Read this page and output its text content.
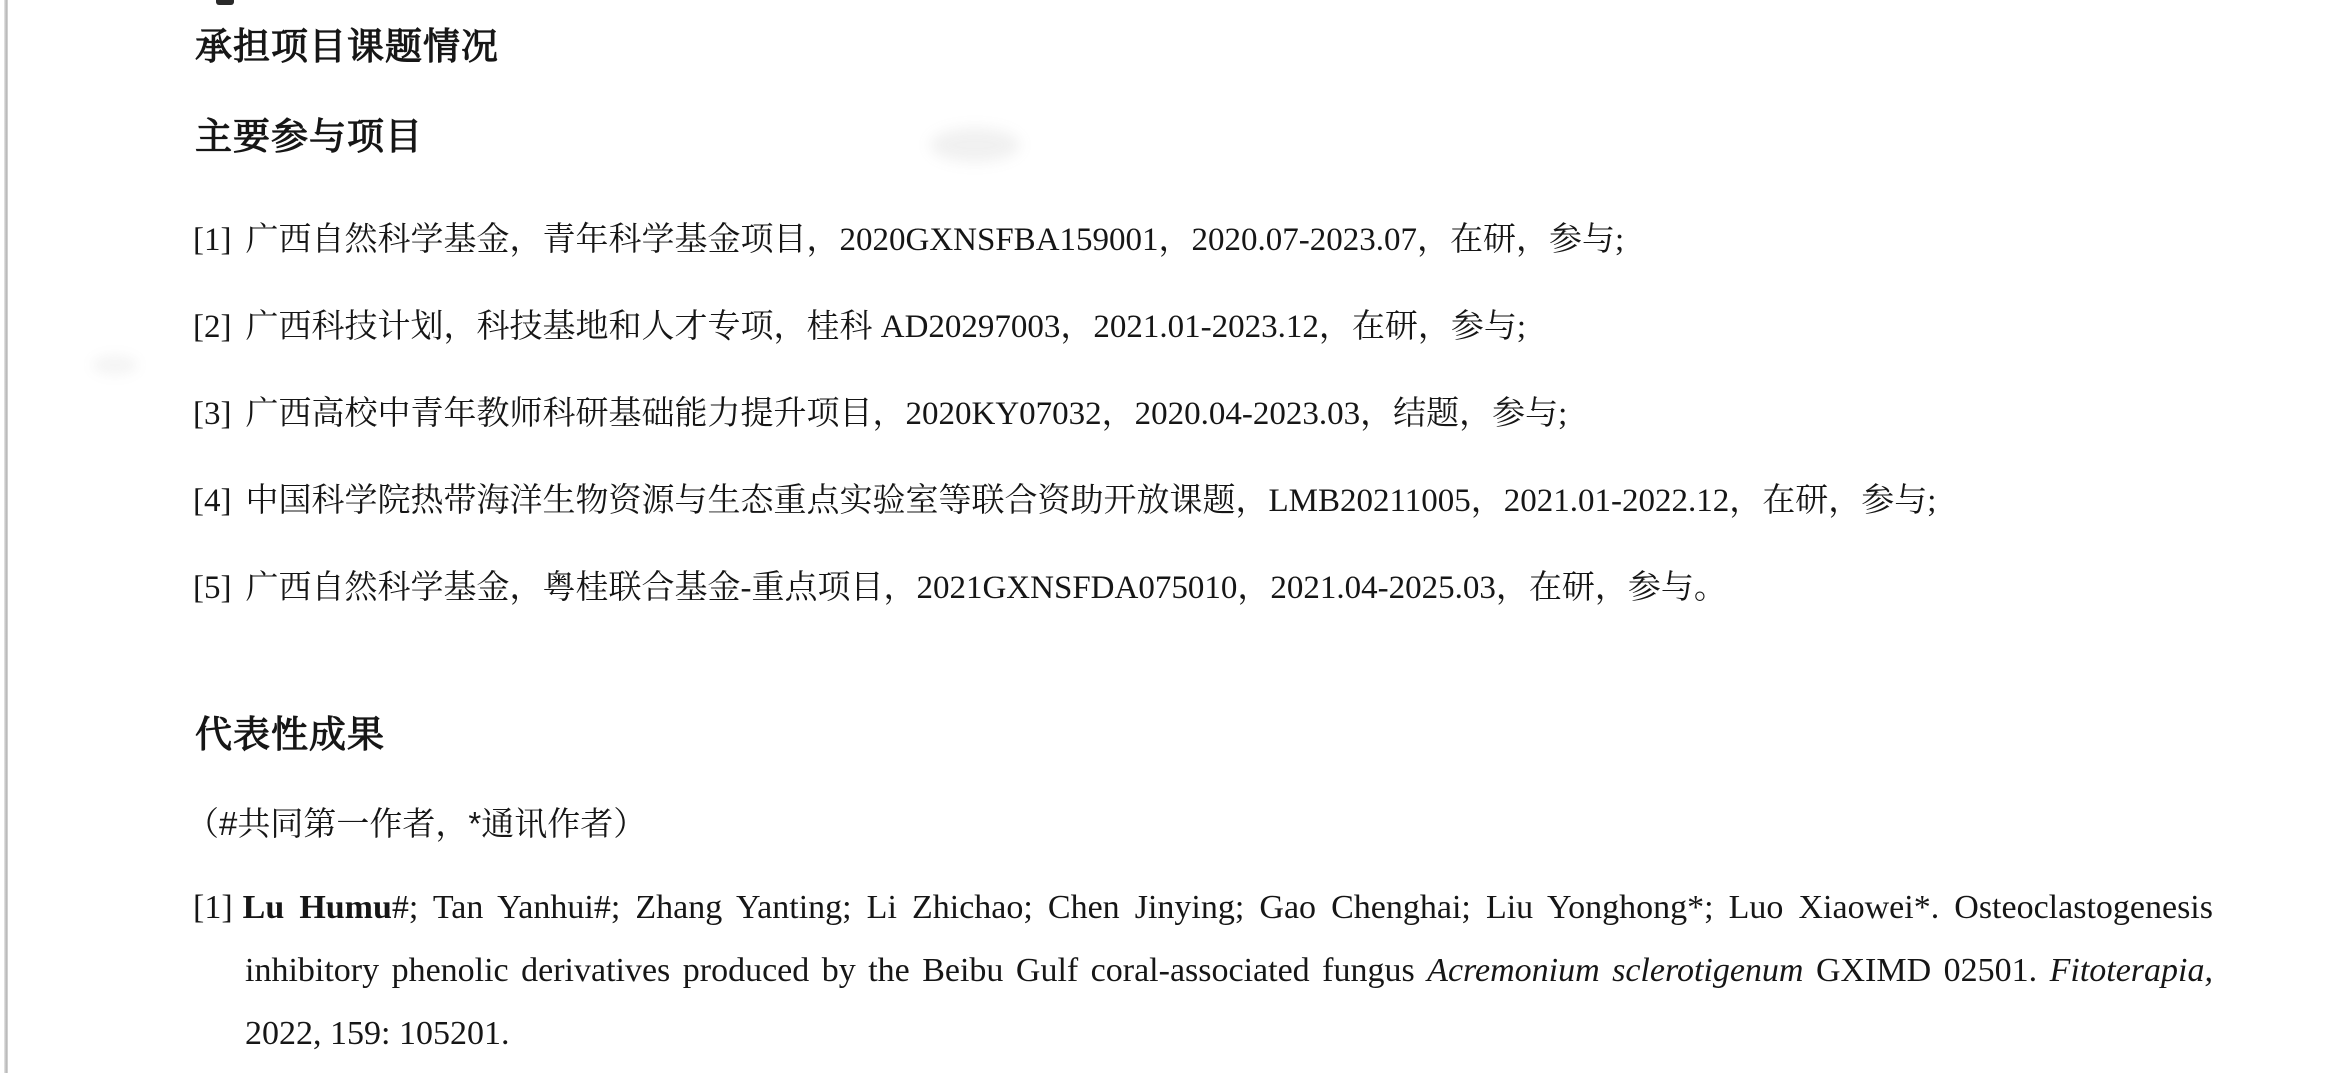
承担项目课题情况
主要参与项目
[1] 广西自然科学基金，青年科学基金项目，2020GXNSFBA159001，2020.07-2023.07，在研，参与;
[2] 广西科技计划，科技基地和人才专项，桂科 AD20297003，2021.01-2023.12，在研，参与;
[3] 广西高校中青年教师科研基础能力提升项目，2020KY07032，2020.04-2023.03，结题，参与;
[4] 中国科学院热带海洋生物资源与生态重点实验室等联合资助开放课题，LMB20211005，2021.01-2022.12，在研，参与;
[5] 广西自然科学基金，粤桂联合基金-重点项目，2021GXNSFDA075010，2021.04-2025.03，在研，参与。
代表性成果
（#共同第一作者，*通讯作者）
[1] Lu Humu#; Tan Yanhui#; Zhang Yanting; Li Zhichao; Chen Jinying; Gao Chenghai; Liu Yonghong*; Luo Xiaowei*. Osteoclastogenesis inhibitory phenolic derivatives produced by the Beibu Gulf coral-associated fungus Acremonium sclerotigenum GXIMD 02501. Fitoterapia, 2022, 159: 105201.
